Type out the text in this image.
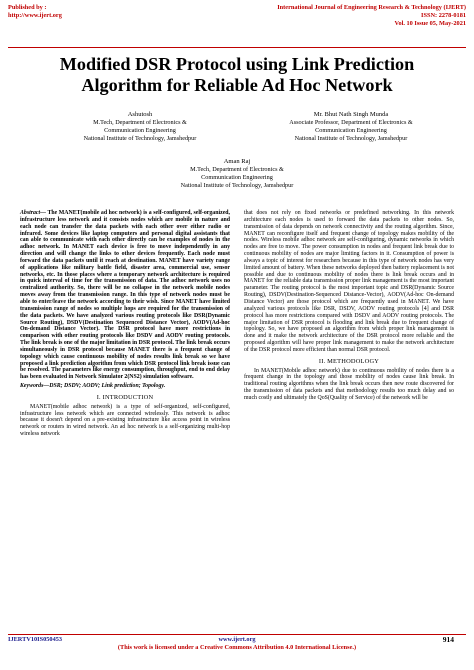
Published by :
http://www.ijert.org
International Journal of Engineering Research & Technology (IJERT)
ISSN: 2278-0181
Vol. 10 Issue 05, May-2021
Modified DSR Protocol using Link Prediction
Algorithm for Reliable Ad Hoc Network
Ashutosh
M.Tech, Department of Electronics &
Communication Engineering
National Institute of Technology, Jamshedpur
Mr. Bhut Nath Singh Munda
Associate Professor, Department of Electronics &
Communication Engineering
National Institute of Technology, Jamshedpur
Aman Raj
M.Tech, Department of Electronics &
Communication Engineering
National Institute of Technology, Jamshedpur

Abstract— The MANET(mobile ad hoc network) is a self-configured, self-organized, infrastructure less network and it consists nodes which are mobile in nature and each node can transfer the data packets with each other over either radio or infrared. Some devices like laptop computers and personal digital assistants that can able to communicate with each other directly can be examples of nodes in the adhoc network. In MANET each device is free to move independently in any direction and will change the links to other devices frequently. Each node must forward the data packets until it reach at destination. MANET have variety range of applications like military battle field, disaster area, commercial use, sensor networks, etc. In those places where a temporary network architecture is required in quick interval of time for the transmission of data. The adhoc network uses no centralized authority. So, there will be no collapse in the network mobile nodes moves away from the transmission range. In this type of network nodes must be able to enter/leave the network according to their wish. Since MANET have limited transmission range of nodes so multiple hops are required for the transmission of the data packets. We have analyzed various routing protocols like DSR(Dynamic Source Routing), DSDV(Destination Sequenced Distance Vector), AODV(Ad-hoc On-demand Distance Vector). The DSR protocol have more restrictions in comparison with other routing protocols like DSDV and AODV routing protocols. The link break is one of the major limitation in DSR protocol. The link break occurs simultaneously in DSR protocol because MANET there is a frequent change of topology which cause continuous mobility of nodes results link break so we have proposed a link prediction algorithm from which DSR protocol link break issue can be resolved. The parameters like energy consumption, throughput, end to end delay has been evaluated in Network Simulator 2(NS2) simulation software.

Keywords—DSR; DSDV; AODV; Link prediction; Topology.
I. INTRODUCTION

MANET(mobile adhoc network) is a type of self-organized, self-configured, infrastructure less network which are connected wirelessly. This network is adhoc because it doesn't depend on a pre-existing infrastructure like access point in wireless network or routers in wired network. An ad hoc network is a self-organizing multi-hop wireless network

that does not rely on fixed networks or predefined networking. In this network architecture each nodes is used to forward the data packets to other nodes. So, transmission of data depends on network connectivity and the routing algorithm. Since, MANET can reconfigure itself and frequent change of topology makes mobility of the nodes. Wireless mobile adhoc network are self-configuring, dynamic networks in which nodes are free to move. The power consumption in nodes and frequent link break due to continuous mobility of nodes are major limiting factors in it. Consumption of power is always a topic of interest for researchers because in this type of network nodes has very limited amount of battery. When these networks deployed then battery replacement is not possible and due to continuous mobility of nodes there is link break occurs and in MANET for the reliable data transmission proper link management is the most important parameter. The routing protocol is the most important topic and DSR(Dynamic Source Routing), DSDV(Destination-Sequenced Distance-Vector), AODV(Ad-hoc On-demand Distance Vector) are those protocol which are frequently used in MANET. We have analyzed various protocols like DSR, DSDV, AODV routing protocols [4] and DSR protocol has more restrictions compared with DSDV and AODV routing protocols. The major limitation of DSR protocol is flooding and link break due to frequent change of topology. So, we have proposed an algorithm from which proper link management is done and it make the network architecture of the DSR protocol more reliable and the proposed algorithm will have proper link management to make the network architecture of the DSR protocol more efficient than normal DSR protocol.

II. METHODOLOGY

In MANET(Mobile adhoc network) due to continuous mobility of nodes there is a frequent change in the topology and those mobility of nodes cause link break. In traditional routing algorithms when the link break occurs then new route discovered for the transmission of data packets and that methodology results too much delay and so much costly and ultimately the QoS(Quality of Service) of the network will be

IJERTV10IS050453	www.ijert.org
(This work is licensed under a Creative Commons Attribution 4.0 International License.)
914
